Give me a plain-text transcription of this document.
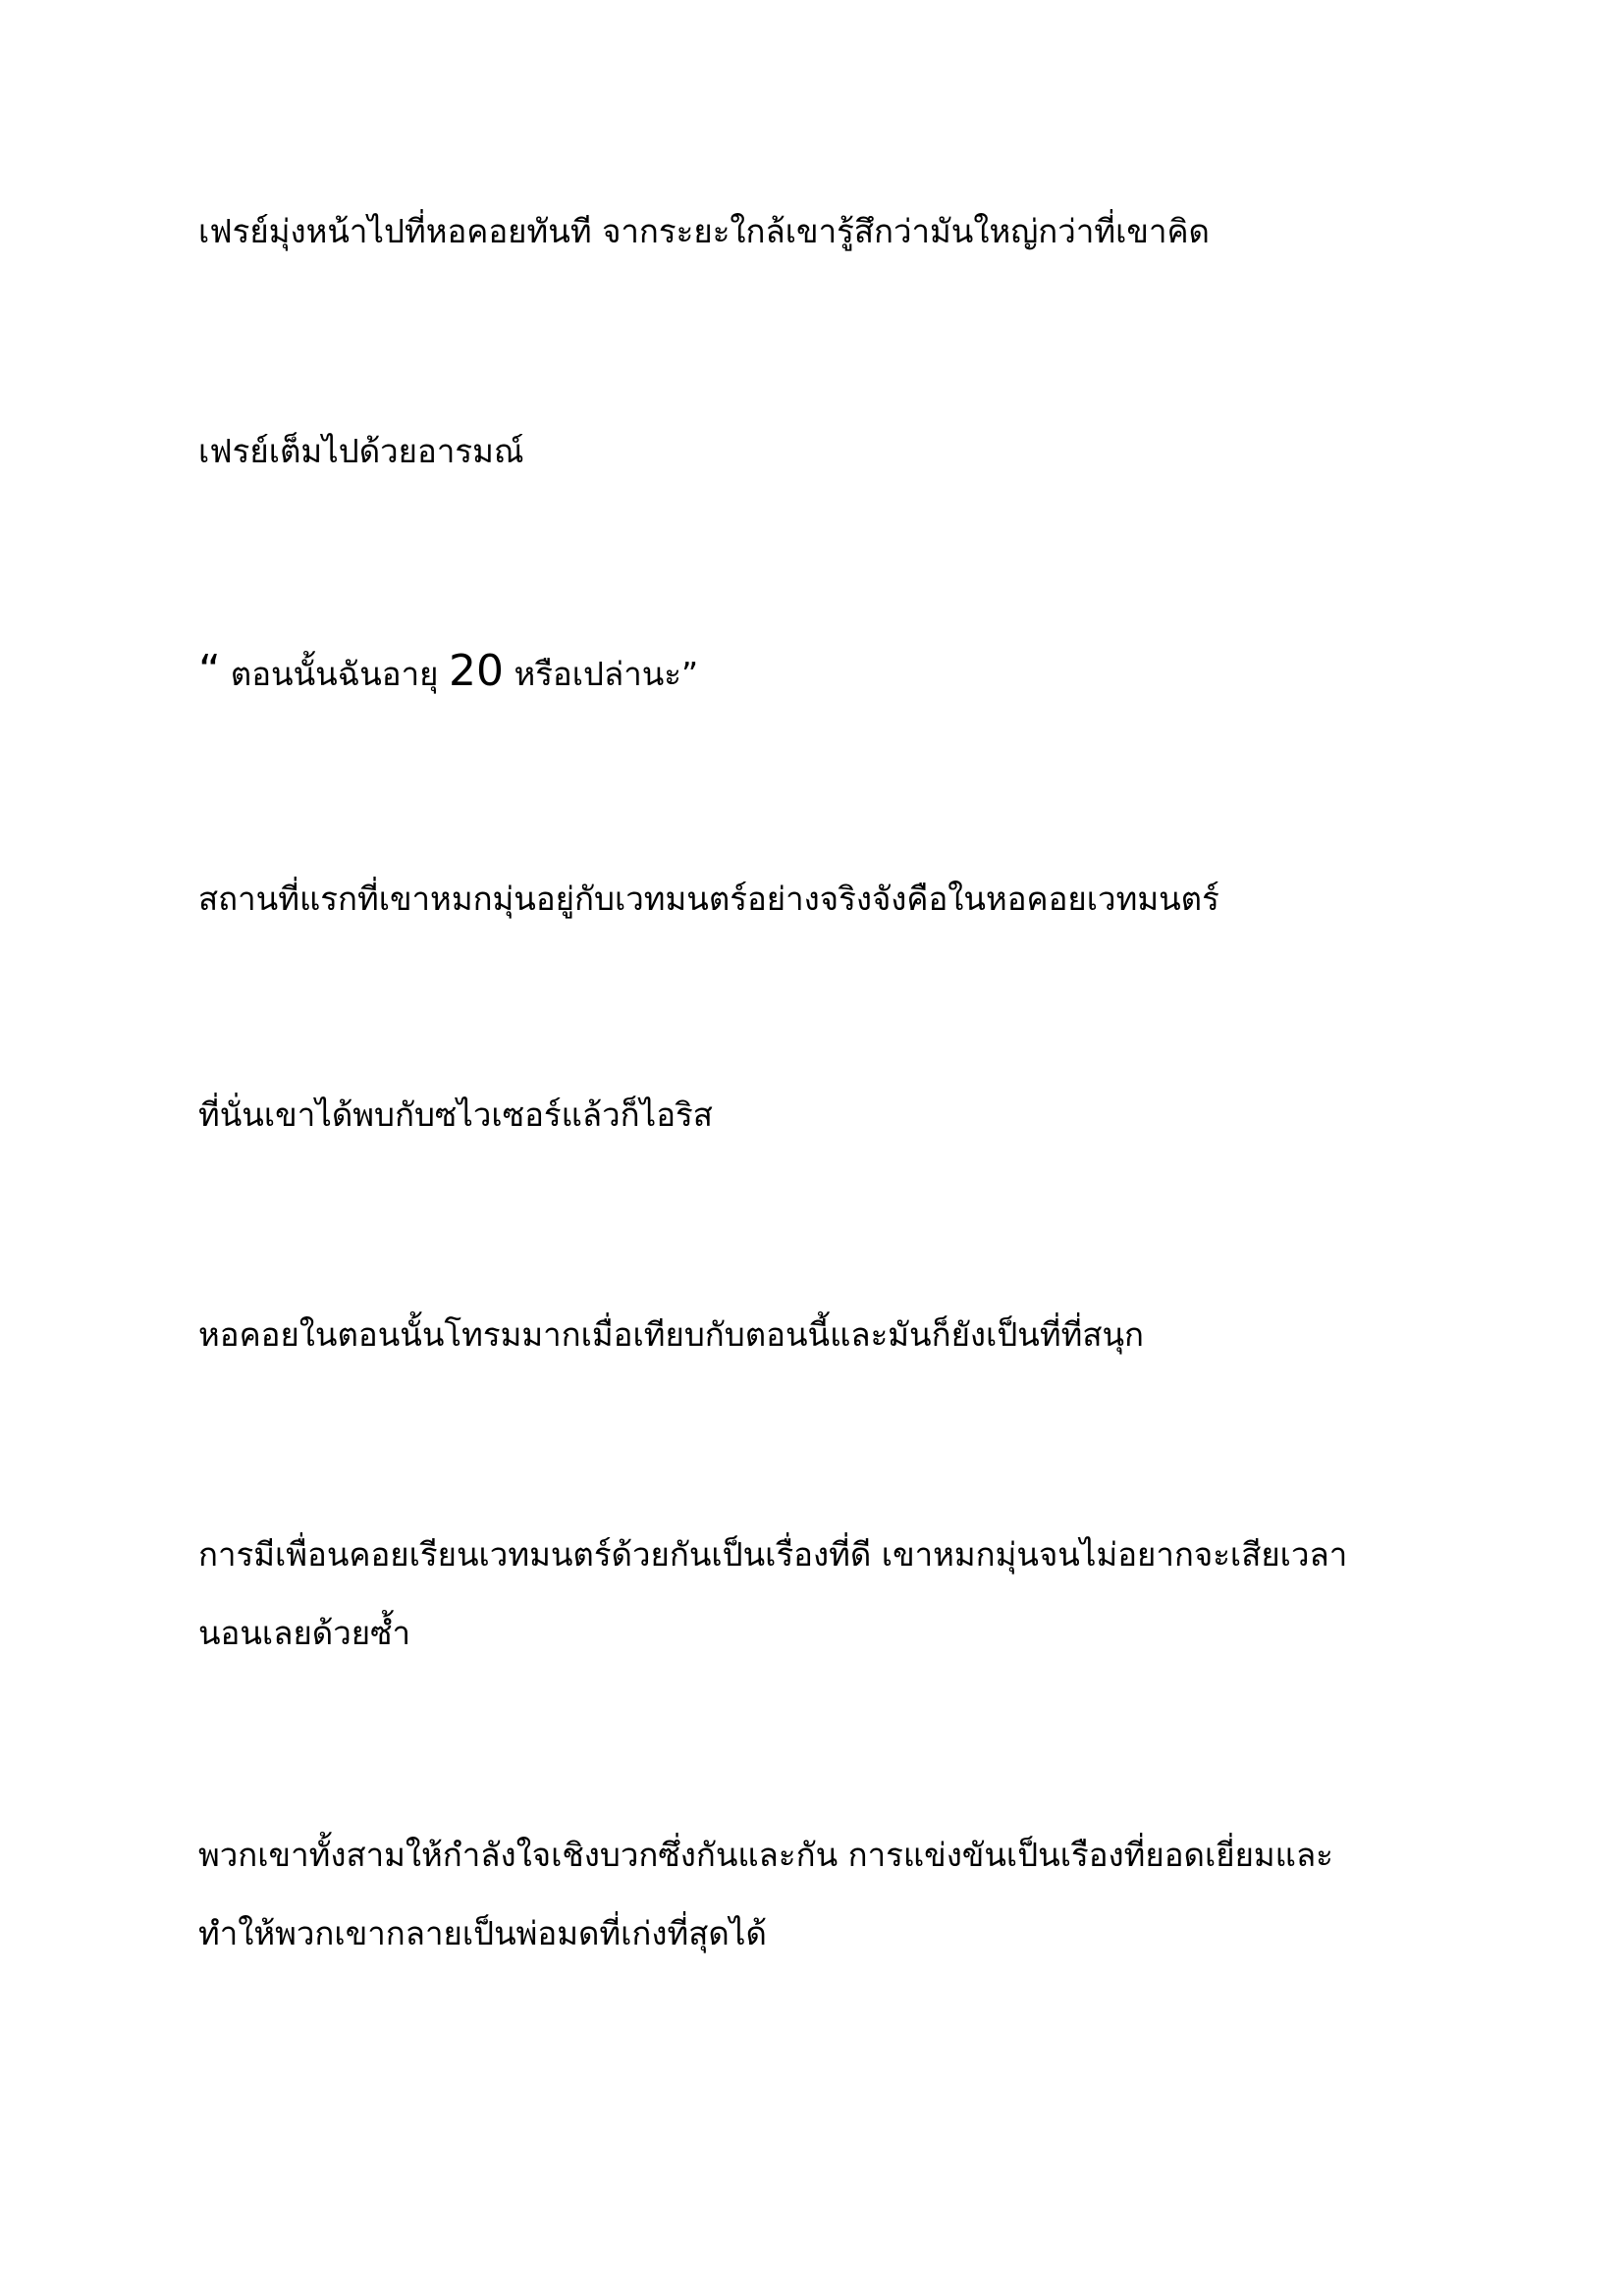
เฟรย์มุ่งหน้าไปที่หอคอยทันที จากระยะใกล้เขารู้สึกว่ามันใหญ่กว่าที่เขาคิด

เฟรย์เต็มไปด้วยอารมณ์

“ ตอนนั้นฉันอายุ 20 หรือเปล่านะ”

สถานที่แรกที่เขาหมกมุ่นอยู่กับเวทมนตร์อย่างจริงจังคือในหอคอยเวทมนตร์

ที่นั่นเขาได้พบกับซไวเซอร์แล้วก็ไอริส

หอคอยในตอนนั้นโทรมมากเมื่อเทียบกับตอนนี้และมันก็ยังเป็นที่ที่สนุก

การมีเพื่อนคอยเรียนเวทมนตร์ด้วยกันเป็นเรื่องที่ดี เขาหมกมุ่นจนไม่อยากจะเสียเวลา
นอนเลยด้วยซ้ำ

พวกเขาทั้งสามให้กำลังใจเชิงบวกซึ่งกันและกัน การแข่งขันเป็นเรืองที่ยอดเยี่ยมและ
ทำให้พวกเขากลายเป็นพ่อมดที่เก่งที่สุดได้
